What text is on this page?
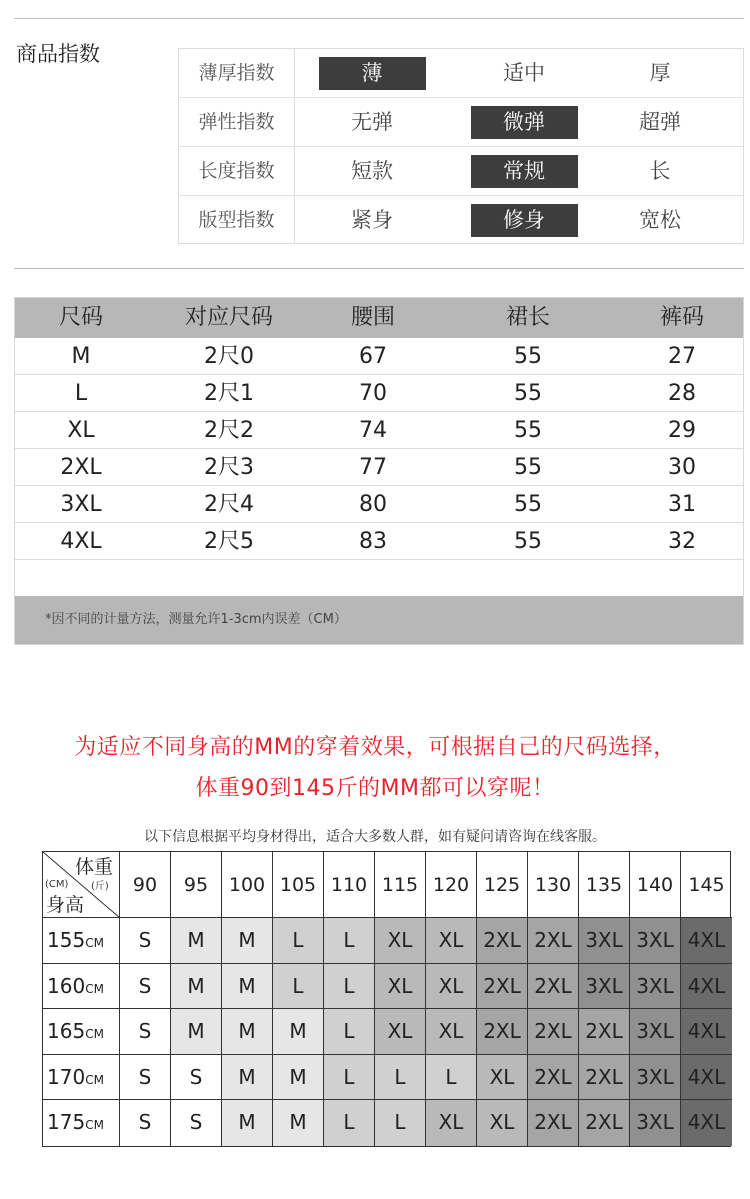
商品指数
薄厚指数	薄	适中	厚
弹性指数	无弹	微弹	超弹
长度指数	短款	常规	长
版型指数	紧身	修身	宽松
尺码	对应尺码	腰围	裙长	裤码
*因不同的计量方法，测量允许1-3cm内误差（CM）
M	2尺0	67	55	27
L	2尺1	70	55	28
XL	2尺2	74	55	29
2XL	2尺3	77	55	30
3XL	2尺4	80	55	31
4XL	2尺5	83	55	32
为适应不同身高的MM的穿着效果，可根据自己的尺码选择，
体重90到145斤的MM都可以穿呢！
以下信息根据平均身材得出，适合大多数人群，如有疑问请咨询在线客服。
体重
(斤)
(CM)
身高
90	95	100 105 110 115 120 125 130 135 140 145
155CM	S	M	M	L	L	XL	XL 2XL 2XL 3XL 3XL 4XL
160CM	S	M	M	L	L	XL	XL 2XL 2XL 3XL 3XL 4XL
165CM	S	M	M	M	L	XL	XL 2XL 2XL 2XL 3XL 4XL
170CM	S	S	M	M	L	L	L	XL 2XL 2XL 3XL 4XL
175CM	S	S	M	M	L	L	XL	XL 2XL 2XL 3XL 4XL
